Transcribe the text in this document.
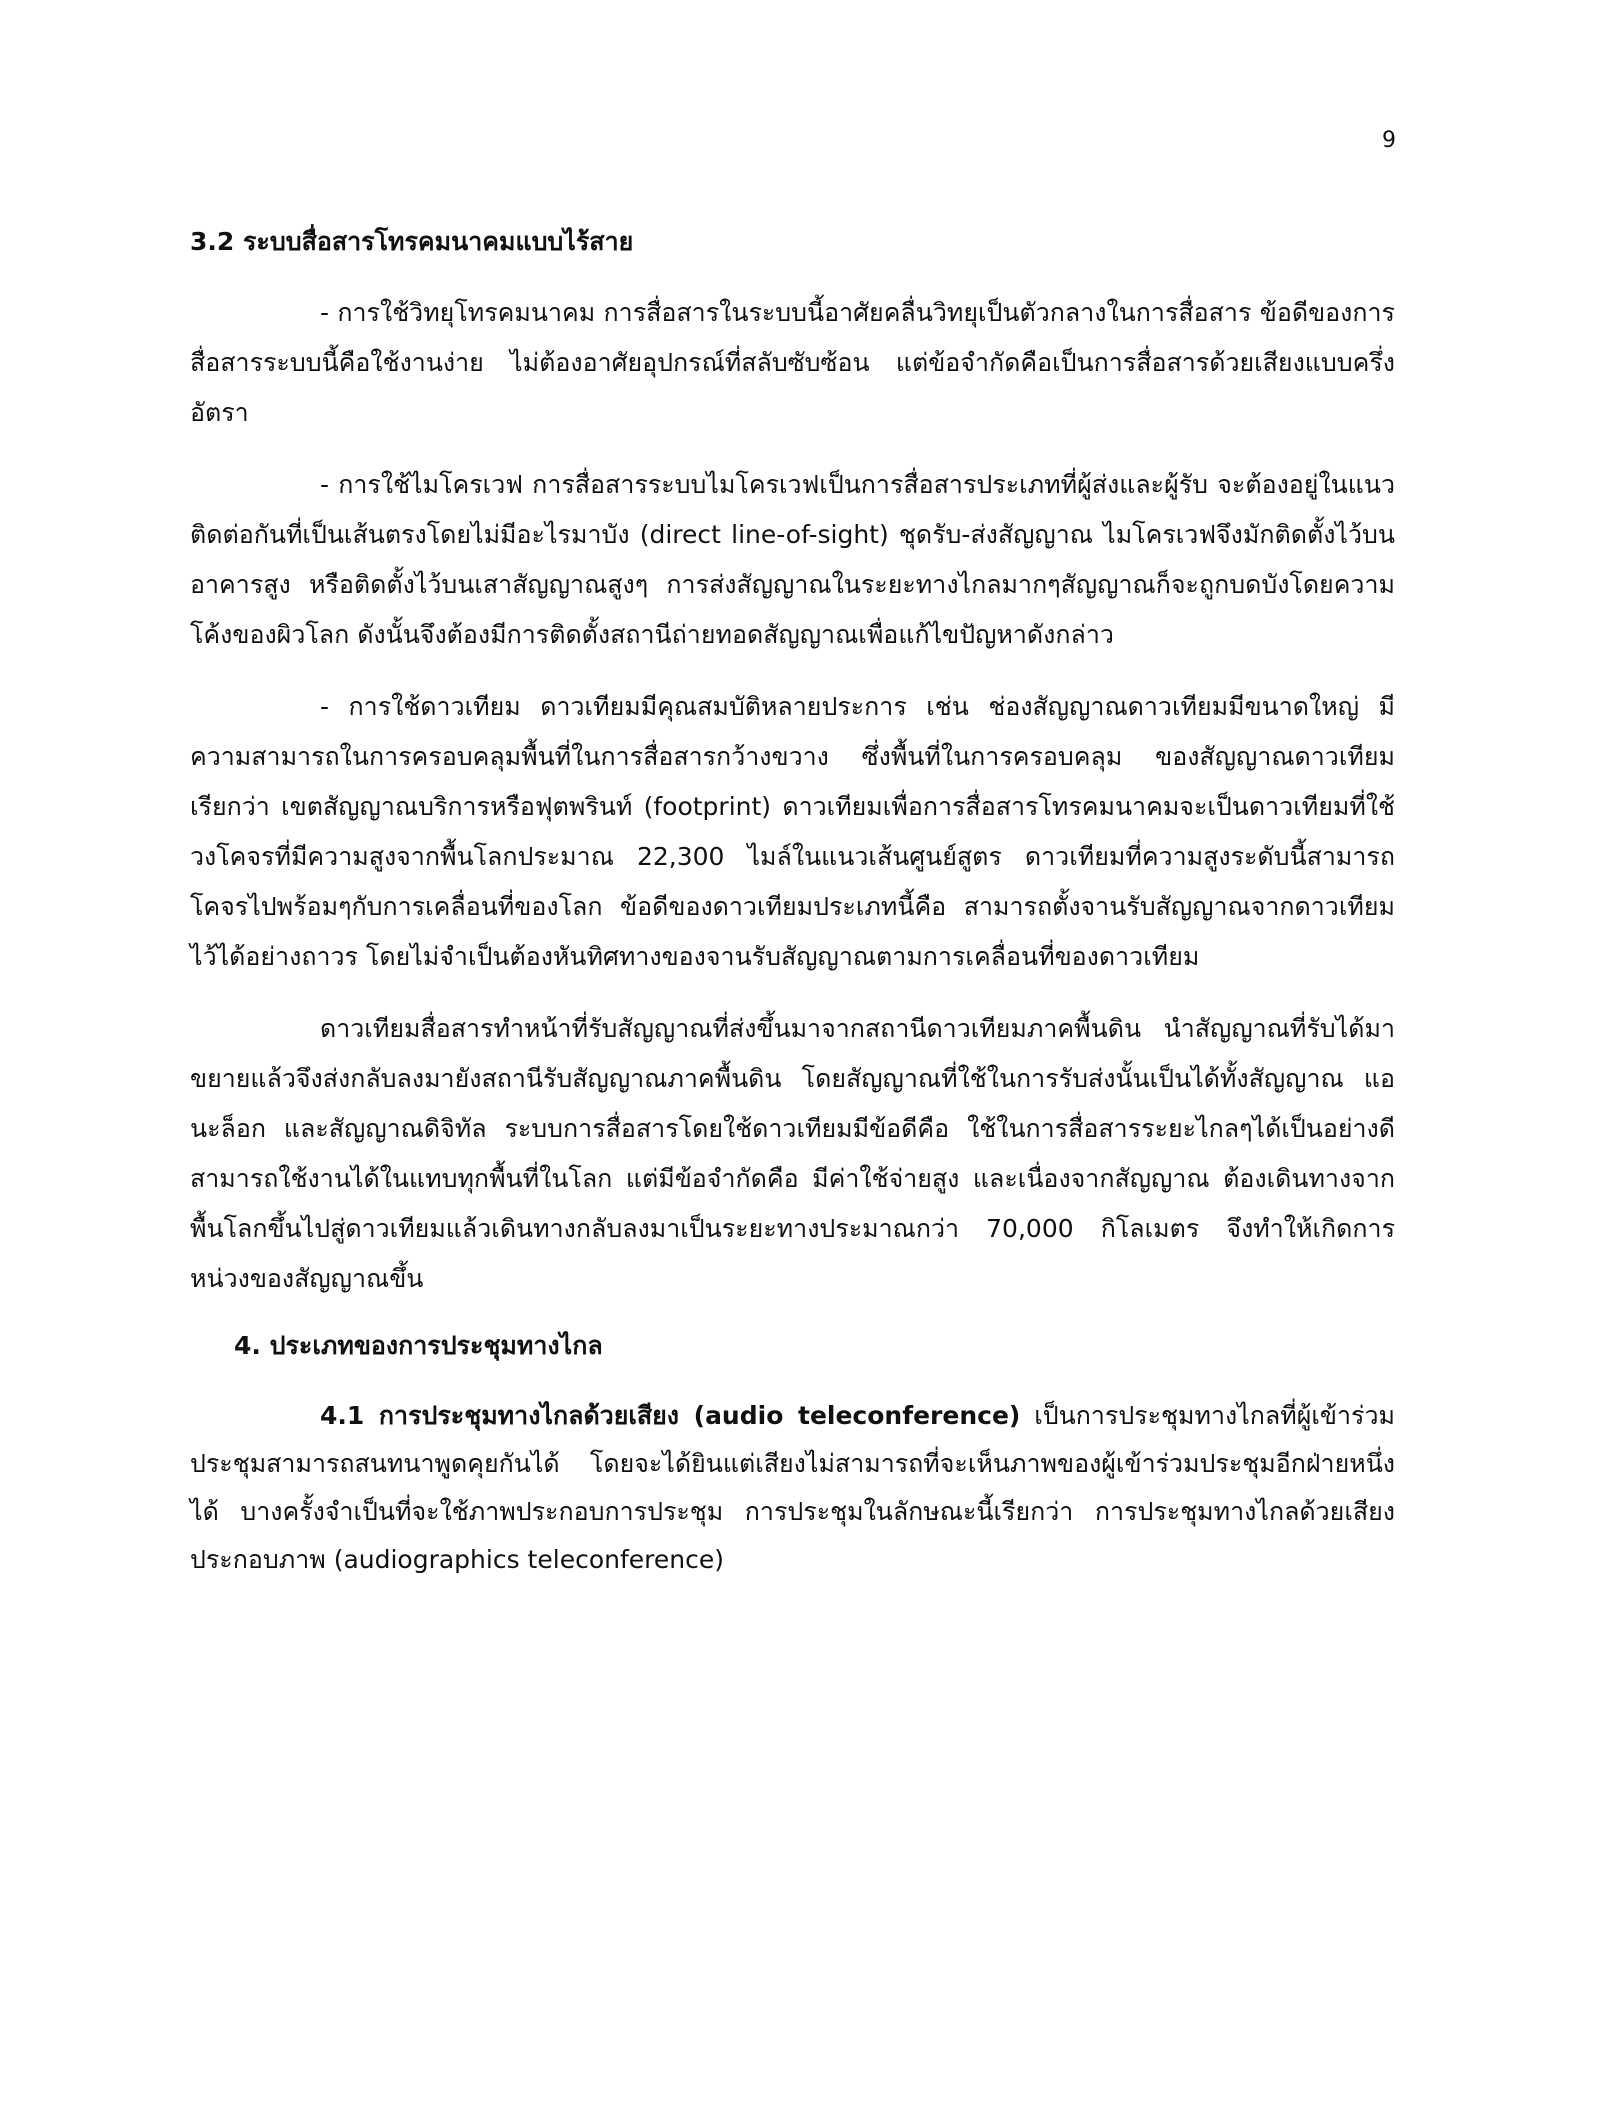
9
3.2 ระบบสื่อสารโทรคมนาคมแบบไร้สาย

- การใช้วิทยุโทรคมนาคม การสื่อสารในระบบนี้อาศัยคลื่นวิทยุเป็นตัวกลางในการสื่อสาร ข้อดีของการสื่อสารระบบนี้คือใช้งานง่าย ไม่ต้องอาศัยอุปกรณ์ที่สลับซับซ้อน แต่ข้อจำกัดคือเป็นการสื่อสารด้วยเสียงแบบครึ่งอัตรา

- การใช้ไมโครเวฟ การสื่อสารระบบไมโครเวฟเป็นการสื่อสารประเภทที่ผู้ส่งและผู้รับ จะต้องอยู่ในแนวติดต่อกันที่เป็นเส้นตรงโดยไม่มีอะไรมาบัง (direct line-of-sight) ชุดรับ-ส่งสัญญาณ ไมโครเวฟจึงมักติดตั้งไว้บนอาคารสูง หรือติดตั้งไว้บนเสาสัญญาณสูงๆ การส่งสัญญาณในระยะทางไกลมากๆสัญญาณก็จะถูกบดบังโดยความโค้งของผิวโลก ดังนั้นจึงต้องมีการติดตั้งสถานีถ่ายทอดสัญญาณเพื่อแก้ไขปัญหาดังกล่าว

- การใช้ดาวเทียม ดาวเทียมมีคุณสมบัติหลายประการ เช่น ช่องสัญญาณดาวเทียมมีขนาดใหญ่ มีความสามารถในการครอบคลุมพื้นที่ในการสื่อสารกว้างขวาง ซึ่งพื้นที่ในการครอบคลุม ของสัญญาณดาวเทียมเรียกว่า เขตสัญญาณบริการหรือฟุตพรินท์ (footprint) ดาวเทียมเพื่อการสื่อสารโทรคมนาคมจะเป็นดาวเทียมที่ใช้วงโคจรที่มีความสูงจากพื้นโลกประมาณ 22,300 ไมล์ในแนวเส้นศูนย์สูตร ดาวเทียมที่ความสูงระดับนี้สามารถโคจรไปพร้อมๆกับการเคลื่อนที่ของโลก ข้อดีของดาวเทียมประเภทนี้คือ สามารถตั้งจานรับสัญญาณจากดาวเทียมไว้ได้อย่างถาวร โดยไม่จำเป็นต้องหันทิศทางของจานรับสัญญาณตามการเคลื่อนที่ของดาวเทียม

ดาวเทียมสื่อสารทำหน้าที่รับสัญญาณที่ส่งขึ้นมาจากสถานีดาวเทียมภาคพื้นดิน นำสัญญาณที่รับได้มาขยายแล้วจึงส่งกลับลงมายังสถานีรับสัญญาณภาคพื้นดิน โดยสัญญาณที่ใช้ในการรับส่งนั้นเป็นได้ทั้งสัญญาณ แอนะล็อก และสัญญาณดิจิทัล ระบบการสื่อสารโดยใช้ดาวเทียมมีข้อดีคือ ใช้ในการสื่อสารระยะไกลๆได้เป็นอย่างดี สามารถใช้งานได้ในแทบทุกพื้นที่ในโลก แต่มีข้อจำกัดคือ มีค่าใช้จ่ายสูง และเนื่องจากสัญญาณ ต้องเดินทางจากพื้นโลกขึ้นไปสู่ดาวเทียมแล้วเดินทางกลับลงมาเป็นระยะทางประมาณกว่า 70,000 กิโลเมตร จึงทำให้เกิดการหน่วงของสัญญาณขึ้น

4. ประเภทของการประชุมทางไกล

4.1 การประชุมทางไกลด้วยเสียง (audio teleconference) เป็นการประชุมทางไกลที่ผู้เข้าร่วมประชุมสามารถสนทนาพูดคุยกันได้ โดยจะได้ยินแต่เสียงไม่สามารถที่จะเห็นภาพของผู้เข้าร่วมประชุมอีกฝ่ายหนึ่งได้ บางครั้งจำเป็นที่จะใช้ภาพประกอบการประชุม การประชุมในลักษณะนี้เรียกว่า การประชุมทางไกลด้วยเสียงประกอบภาพ (audiographics teleconference)
